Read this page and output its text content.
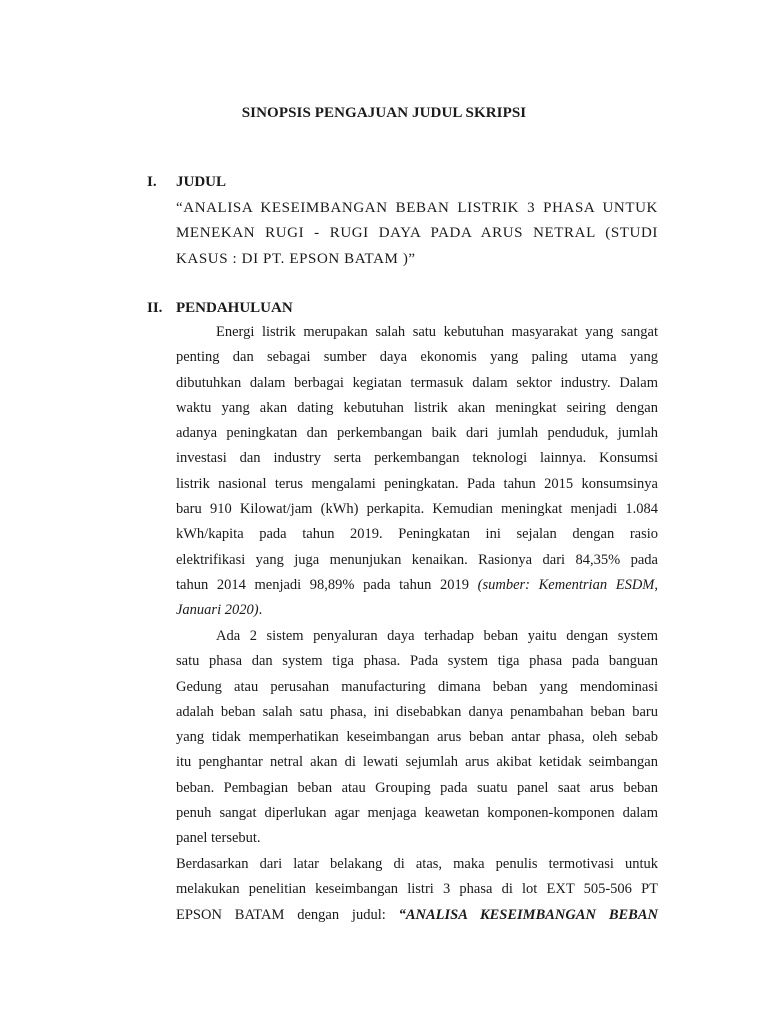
SINOPSIS PENGAJUAN JUDUL SKRIPSI
I. JUDUL
“ANALISA KESEIMBANGAN BEBAN LISTRIK 3 PHASA UNTUK
MENEKAN RUGI - RUGI DAYA PADA ARUS NETRAL (STUDI
KASUS : DI PT. EPSON BATAM )”
II. PENDAHULUAN
Energi listrik merupakan salah satu kebutuhan masyarakat yang sangat
penting dan sebagai sumber daya ekonomis yang paling utama yang
dibutuhkan dalam berbagai kegiatan termasuk dalam sektor industry. Dalam
waktu yang akan dating kebutuhan listrik akan meningkat seiring dengan
adanya peningkatan dan perkembangan baik dari jumlah penduduk, jumlah
investasi dan industry serta perkembangan teknologi lainnya. Konsumsi
listrik nasional terus mengalami peningkatan. Pada tahun 2015 konsumsinya
baru 910 Kilowat/jam (kWh) perkapita. Kemudian meningkat menjadi 1.084
kWh/kapita pada tahun 2019. Peningkatan ini sejalan dengan rasio
elektrifikasi yang juga menunjukan kenaikan. Rasionya dari 84,35% pada
tahun 2014 menjadi 98,89% pada tahun 2019 (sumber: Kementrian ESDM,
Januari 2020).
Ada 2 sistem penyaluran daya terhadap beban yaitu dengan system
satu phasa dan system tiga phasa. Pada system tiga phasa pada banguan
Gedung atau perusahan manufacturing dimana beban yang mendominasi
adalah beban salah satu phasa, ini disebabkan danya penambahan beban baru
yang tidak memperhatikan keseimbangan arus beban antar phasa, oleh sebab
itu penghantar netral akan di lewati sejumlah arus akibat ketidak seimbangan
beban. Pembagian beban atau Grouping pada suatu panel saat arus beban
penuh sangat diperlukan agar menjaga keawetan komponen-komponen dalam
panel tersebut.
Berdasarkan dari latar belakang di atas, maka penulis termotivasi untuk
melakukan penelitian keseimbangan listri 3 phasa di lot EXT 505-506 PT
EPSON BATAM dengan judul: “ANALISA KESEIMBANGAN BEBAN
